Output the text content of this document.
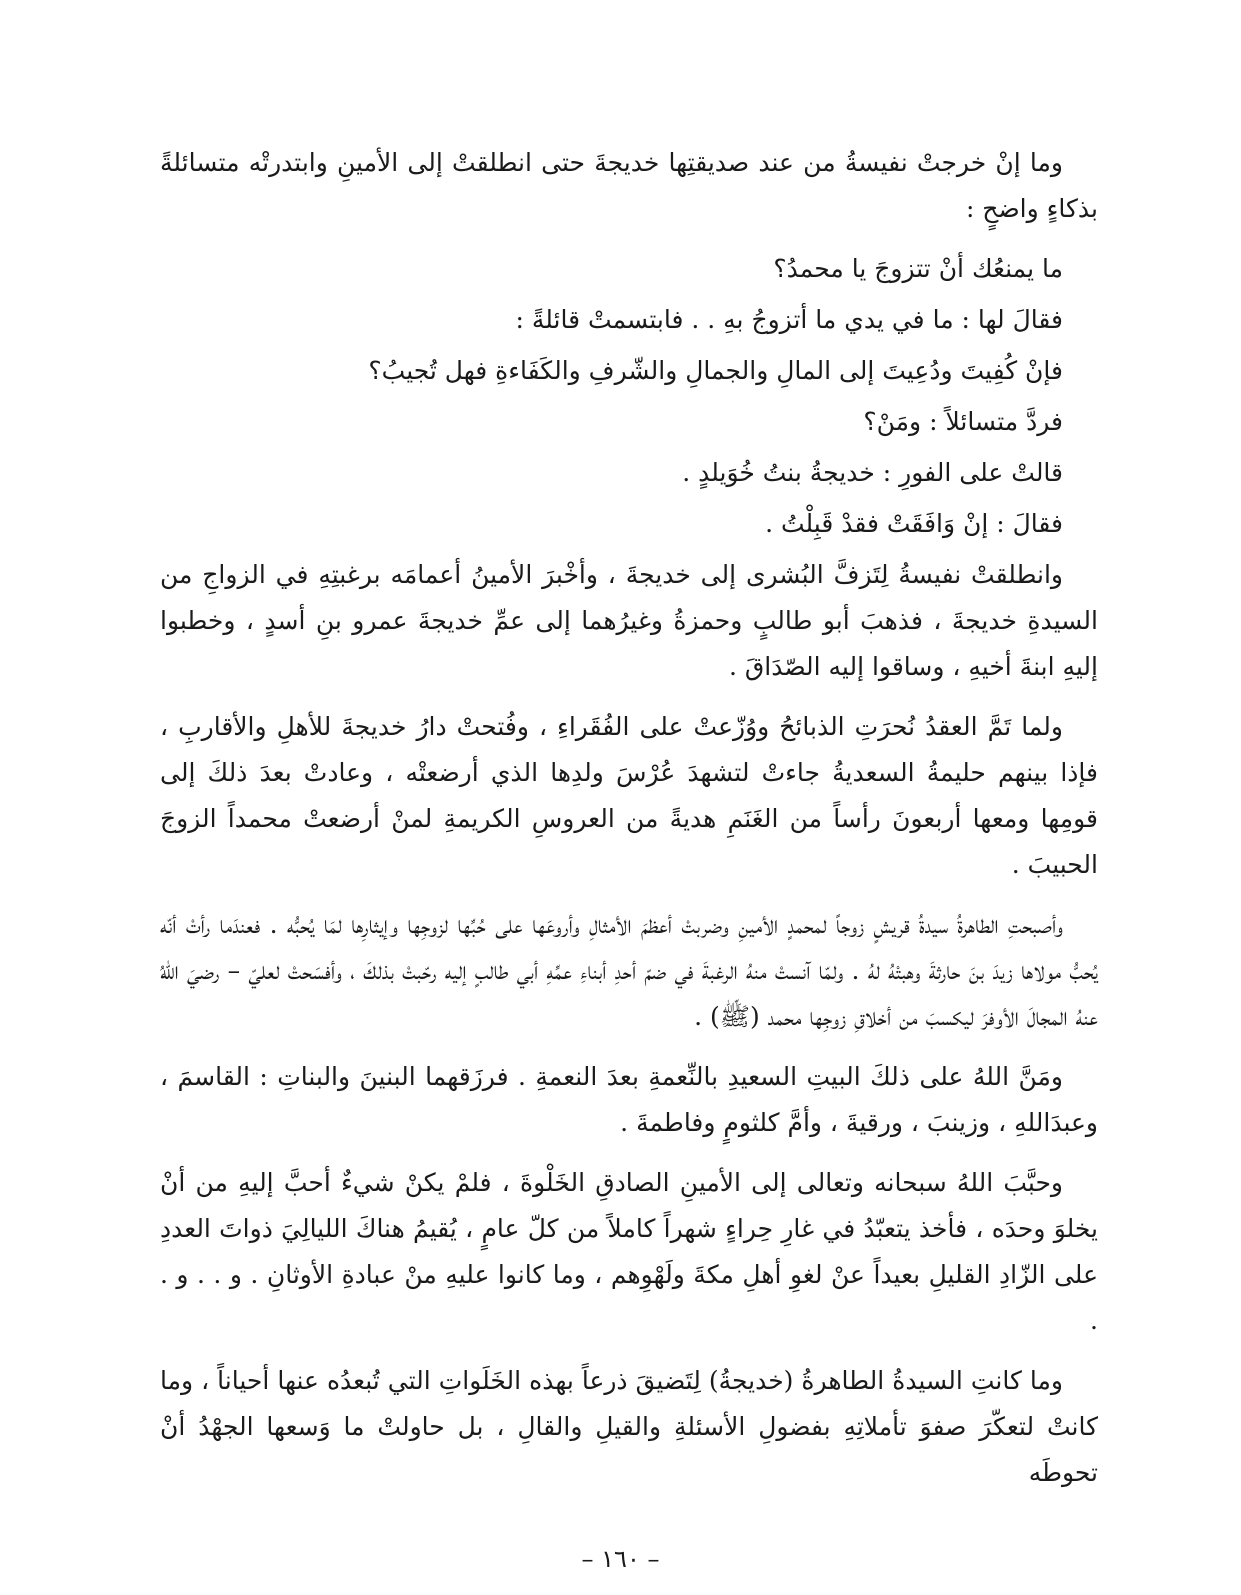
وما إنْ خرجتْ نفيسةُ من عند صديقتِها خديجةَ حتى انطلقتْ إلى الأمينِ وابتدرتْه متسائلةً بذكاءٍ واضحٍ :

ما يمنعُك أنْ تتزوجَ يا محمدُ؟

فقالَ لها : ما في يدي ما أتزوجُ بهِ . . فابتسمتْ قائلةً :

فإنْ كُفِيتَ ودُعِيتَ إلى المالِ والجمالِ والشّرفِ والكَفَاءةِ فهل تُجيبُ؟

فردَّ متسائلاً : ومَنْ؟

قالتْ على الفورِ : خديجةُ بنتُ خُوَيلدٍ .

فقالَ : إنْ وَافَقَتْ فقدْ قَبِلْتُ .

وانطلقتْ نفيسةُ لِتَزفَّ البُشرى إلى خديجةَ ، وأخْبرَ الأمينُ أعمامَه برغبتِهِ في الزواجِ من السيدةِ خديجةَ ، فذهبَ أبو طالبٍ وحمزةُ وغيرُهما إلى عمِّ خديجةَ عمرو بنِ أسدٍ ، وخطبوا إليهِ ابنةَ أخيهِ ، وساقوا إليه الصّدَاقَ .

ولما تَمَّ العقدُ نُحرَتِ الذبائحُ ووُزّعتْ على الفُقَراءِ ، وفُتحتْ دارُ خديجةَ للأهلِ والأقاربِ ، فإذا بينهم حليمةُ السعديةُ جاءتْ لتشهدَ عُرْسَ ولدِها الذي أرضعتْه ، وعادتْ بعدَ ذلكَ إلى قومِها ومعها أربعونَ رأساً من الغَنَمِ هديةً من العروسِ الكريمةِ لمنْ أرضعتْ محمداً الزوجَ الحبيبَ .

وأصبحتِ الطاهرةُ سيدةُ قريشٍ زوجاً لمحمدٍ الأمينِ وضربتْ أعظمَ الأمثالِ وأروعَها على حُبِّها لزوجِها وإيثارِها لمَا يُحبُّه . فعندَما رأتْ أنّه يُحبُّ مولاها زيدَ بنَ حارثةَ وهبتْهُ لهُ . ولمّا آنستْ منهُ الرغبةَ في ضمّ أحدِ أبناءِ عمِّهِ أبي طالبٍ إليه رحّبتْ بذلكَ ، وأفسَحتْ لعليّ – رضيَ اللهُ عنهُ المجالَ الأوفرَ ليكسبَ من أخلاقِ زوجِها محمد (ﷺ) .

ومَنَّ اللهُ على ذلكَ البيتِ السعيدِ بالنِّعمةِ بعدَ النعمةِ . فرزَقهما البنينَ والبناتِ : القاسمَ ، وعبدَاللهِ ، وزينبَ ، ورقيةَ ، وأمَّ كلثومٍ وفاطمةَ .

وحبَّبَ اللهُ سبحانه وتعالى إلى الأمينِ الصادقِ الخَلْوةَ ، فلمْ يكنْ شيءٌ أحبَّ إليهِ من أنْ يخلوَ وحدَه ، فأخذ يتعبّدُ في غارِ حِراءٍ شهراً كاملاً من كلّ عامٍ ، يُقيمُ هناكَ الليالِيَ ذواتَ العددِ على الزّادِ القليلِ بعيداً عنْ لغوِ أهلِ مكةَ ولَهْوِهم ، وما كانوا عليهِ منْ عبادةِ الأوثانِ . و . . و . .

وما كانتِ السيدةُ الطاهرةُ (خديجةُ) لِتَضيقَ ذرعاً بهذه الخَلَواتِ التي تُبعدُه عنها أحياناً ، وما كانتْ لتعكّرَ صفوَ تأملاتِهِ بفضولِ الأسئلةِ والقيلِ والقالِ ، بل حاولتْ ما وَسعها الجهْدُ أنْ تحوطَه

– ١٦٠ –
